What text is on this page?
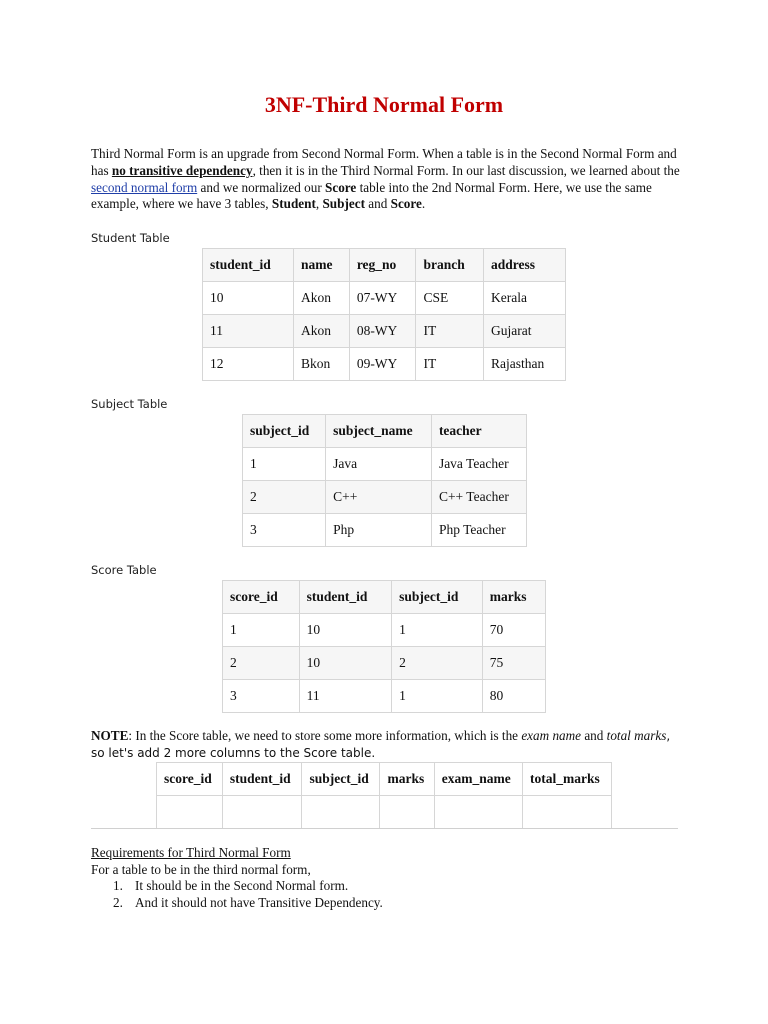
3NF-Third Normal Form

Third Normal Form is an upgrade from Second Normal Form. When a table is in the Second Normal Form and has no transitive dependency, then it is in the Third Normal Form. In our last discussion, we learned about the second normal form and we normalized our Score table into the 2nd Normal Form. Here, we use the same example, where we have 3 tables, Student, Subject and Score.

Student Table

student_id	name	reg_no	branch	address
10	Akon	07-WY	CSE	Kerala
11	Akon	08-WY	IT	Gujarat
12	Bkon	09-WY	IT	Rajasthan

Subject Table

subject_id	subject_name	teacher
1	Java	Java Teacher
2	C++	C++ Teacher
3	Php	Php Teacher

Score Table

score_id	student_id	subject_id	marks
1	10	1	70
2	10	2	75
3	11	1	80

NOTE: In the Score table, we need to store some more information, which is the exam name and total marks, so let's add 2 more columns to the Score table.

score_id	student_id	subject_id	marks	exam_name	total_marks

Requirements for Third Normal Form

For a table to be in the third normal form,

1. It should be in the Second Normal form.
2. And it should not have Transitive Dependency.
